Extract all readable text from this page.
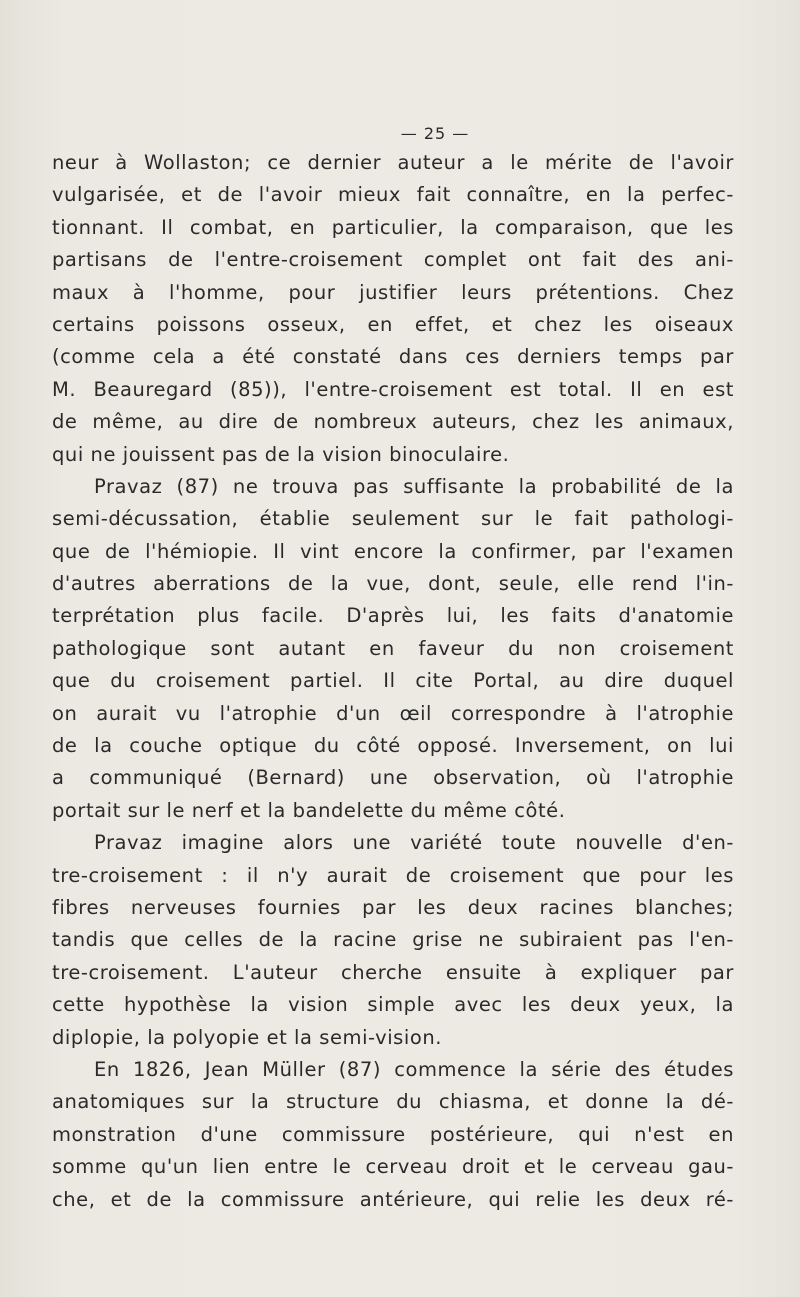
— 25 —
neur à Wollaston; ce dernier auteur a le mérite de l'avoir
vulgarisée, et de l'avoir mieux fait connaître, en la perfec-
tionnant. Il combat, en particulier, la comparaison, que les
partisans de l'entre-croisement complet ont fait des ani-
maux à l'homme, pour justifier leurs prétentions. Chez
certains poissons osseux, en effet, et chez les oiseaux
(comme cela a été constaté dans ces derniers temps par
M. Beauregard (85)), l'entre-croisement est total. Il en est
de même, au dire de nombreux auteurs, chez les animaux,
qui ne jouissent pas de la vision binoculaire.
Pravaz (87) ne trouva pas suffisante la probabilité de la
semi-décussation, établie seulement sur le fait pathologi-
que de l'hémiopie. Il vint encore la confirmer, par l'examen
d'autres aberrations de la vue, dont, seule, elle rend l'in-
terprétation plus facile. D'après lui, les faits d'anatomie
pathologique sont autant en faveur du non croisement
que du croisement partiel. Il cite Portal, au dire duquel
on aurait vu l'atrophie d'un œil correspondre à l'atrophie
de la couche optique du côté opposé. Inversement, on lui
a communiqué (Bernard) une observation, où l'atrophie
portait sur le nerf et la bandelette du même côté.
Pravaz imagine alors une variété toute nouvelle d'en-
tre-croisement : il n'y aurait de croisement que pour les
fibres nerveuses fournies par les deux racines blanches;
tandis que celles de la racine grise ne subiraient pas l'en-
tre-croisement. L'auteur cherche ensuite à expliquer par
cette hypothèse la vision simple avec les deux yeux, la
diplopie, la polyopie et la semi-vision.
En 1826, Jean Müller (87) commence la série des études
anatomiques sur la structure du chiasma, et donne la dé-
monstration d'une commissure postérieure, qui n'est en
somme qu'un lien entre le cerveau droit et le cerveau gau-
che, et de la commissure antérieure, qui relie les deux ré-
